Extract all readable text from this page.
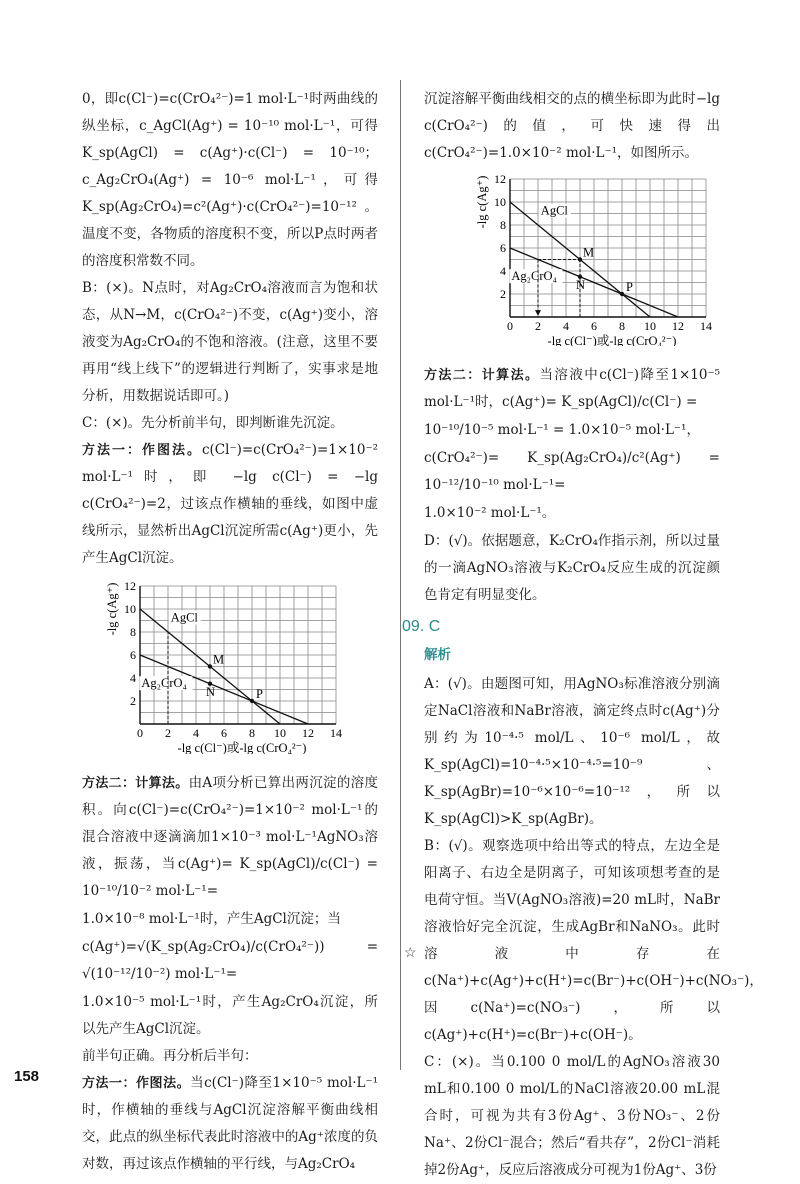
0，即c(Cl⁻)=c(CrO₄²⁻)=1 mol·L⁻¹时两曲线的纵坐标，c_AgCl(Ag⁺) = 10⁻¹⁰ mol·L⁻¹，可得K_sp(AgCl) = c(Ag⁺)·c(Cl⁻) = 10⁻¹⁰；c_Ag₂CrO₄(Ag⁺) = 10⁻⁶ mol·L⁻¹，可得K_sp(Ag₂CrO₄)=c²(Ag⁺)·c(CrO₄²⁻)=10⁻¹²。温度不变，各物质的溶度积不变，所以P点时两者的溶度积常数不同。

B：(×)。N点时，对Ag₂CrO₄溶液而言为饱和状态，从N→M，c(CrO₄²⁻)不变，c(Ag⁺)变小，溶液变为Ag₂CrO₄的不饱和溶液。(注意，这里不要再用“线上线下”的逻辑进行判断了，实事求是地分析，用数据说话即可。)

C：(×)。先分析前半句，即判断谁先沉淀。

方法一：作图法。c(Cl⁻)=c(CrO₄²⁻)=1×10⁻² mol·L⁻¹时，即 −lg c(Cl⁻) = −lg c(CrO₄²⁻)=2，过该点作横轴的垂线，如图中虚线所示，显然析出AgCl沉淀所需c(Ag⁺)更小，先产生AgCl沉淀。

0 2 4 6 8 10 12 14
2
4
6
8
10
12
-lg c(Cl⁻)或-lg c(CrO₄²⁻)
-lg c(Ag⁺)	AgCl
Ag₂CrO₄
M
N	P

方法二：计算法。由A项分析已算出两沉淀的溶度积。向c(Cl⁻)=c(CrO₄²⁻)=1×10⁻² mol·L⁻¹的混合溶液中逐滴滴加1×10⁻³ mol·L⁻¹AgNO₃溶液，振荡，当c(Ag⁺)= K_sp(AgCl)/c(Cl⁻) = 10⁻¹⁰/10⁻² mol·L⁻¹=

1.0×10⁻⁸ mol·L⁻¹时，产生AgCl沉淀；当

c(Ag⁺)=√(K_sp(Ag₂CrO₄)/c(CrO₄²⁻)) = √(10⁻¹²/10⁻²) mol·L⁻¹=

1.0×10⁻⁵ mol·L⁻¹时，产生Ag₂CrO₄沉淀，所以先产生AgCl沉淀。

前半句正确。再分析后半句：

方法一：作图法。当c(Cl⁻)降至1×10⁻⁵ mol·L⁻¹时，作横轴的垂线与AgCl沉淀溶解平衡曲线相交，此点的纵坐标代表此时溶液中的Ag⁺浓度的负对数，再过该点作横轴的平行线，与Ag₂CrO₄

沉淀溶解平衡曲线相交的点的横坐标即为此时−lg c(CrO₄²⁻)的值，可快速得出c(CrO₄²⁻)=1.0×10⁻² mol·L⁻¹，如图所示。

0 2 4 6 8 10 12 14
2
4
6
8
10
12
-lg c(Cl⁻)或-lg c(CrO₄²⁻)
-lg c(Ag⁺)	AgCl
Ag₂CrO₄
M
N	P

方法二：计算法。当溶液中c(Cl⁻)降至1×10⁻⁵ mol·L⁻¹时，c(Ag⁺)= K_sp(AgCl)/c(Cl⁻) =

10⁻¹⁰/10⁻⁵ mol·L⁻¹ = 1.0×10⁻⁵ mol·L⁻¹，

c(CrO₄²⁻)= K_sp(Ag₂CrO₄)/c²(Ag⁺) = 10⁻¹²/10⁻¹⁰ mol·L⁻¹=

1.0×10⁻² mol·L⁻¹。

D：(√)。依据题意，K₂CrO₄作指示剂，所以过量的一滴AgNO₃溶液与K₂CrO₄反应生成的沉淀颜色肯定有明显变化。

09. C
解析

A：(√)。由题图可知，用AgNO₃标准溶液分别滴定NaCl溶液和NaBr溶液，滴定终点时c(Ag⁺)分别约为10⁻⁴·⁵ mol/L、10⁻⁶ mol/L，故K_sp(AgCl)=10⁻⁴·⁵×10⁻⁴·⁵=10⁻⁹、K_sp(AgBr)=10⁻⁶×10⁻⁶=10⁻¹²，所以K_sp(AgCl)>K_sp(AgBr)。

B：(√)。观察选项中给出等式的特点，左边全是阳离子、右边全是阴离子，可知该项想考查的是电荷守恒。当V(AgNO₃溶液)=20 mL时，NaBr溶液恰好完全沉淀，生成AgBr和NaNO₃。此时溶液中存在c(Na⁺)+c(Ag⁺)+c(H⁺)=c(Br⁻)+c(OH⁻)+c(NO₃⁻)，因c(Na⁺)=c(NO₃⁻)，所以c(Ag⁺)+c(H⁺)=c(Br⁻)+c(OH⁻)。

C：(×)。当0.100 0 mol/L的AgNO₃溶液30 mL和0.100 0 mol/L的NaCl溶液20.00 mL混合时，可视为共有3份Ag⁺、3份NO₃⁻、2份Na⁺、2份Cl⁻混合；然后“看共存”，2份Cl⁻消耗掉2份Ag⁺，反应后溶液成分可视为1份Ag⁺、3份

☆
158
